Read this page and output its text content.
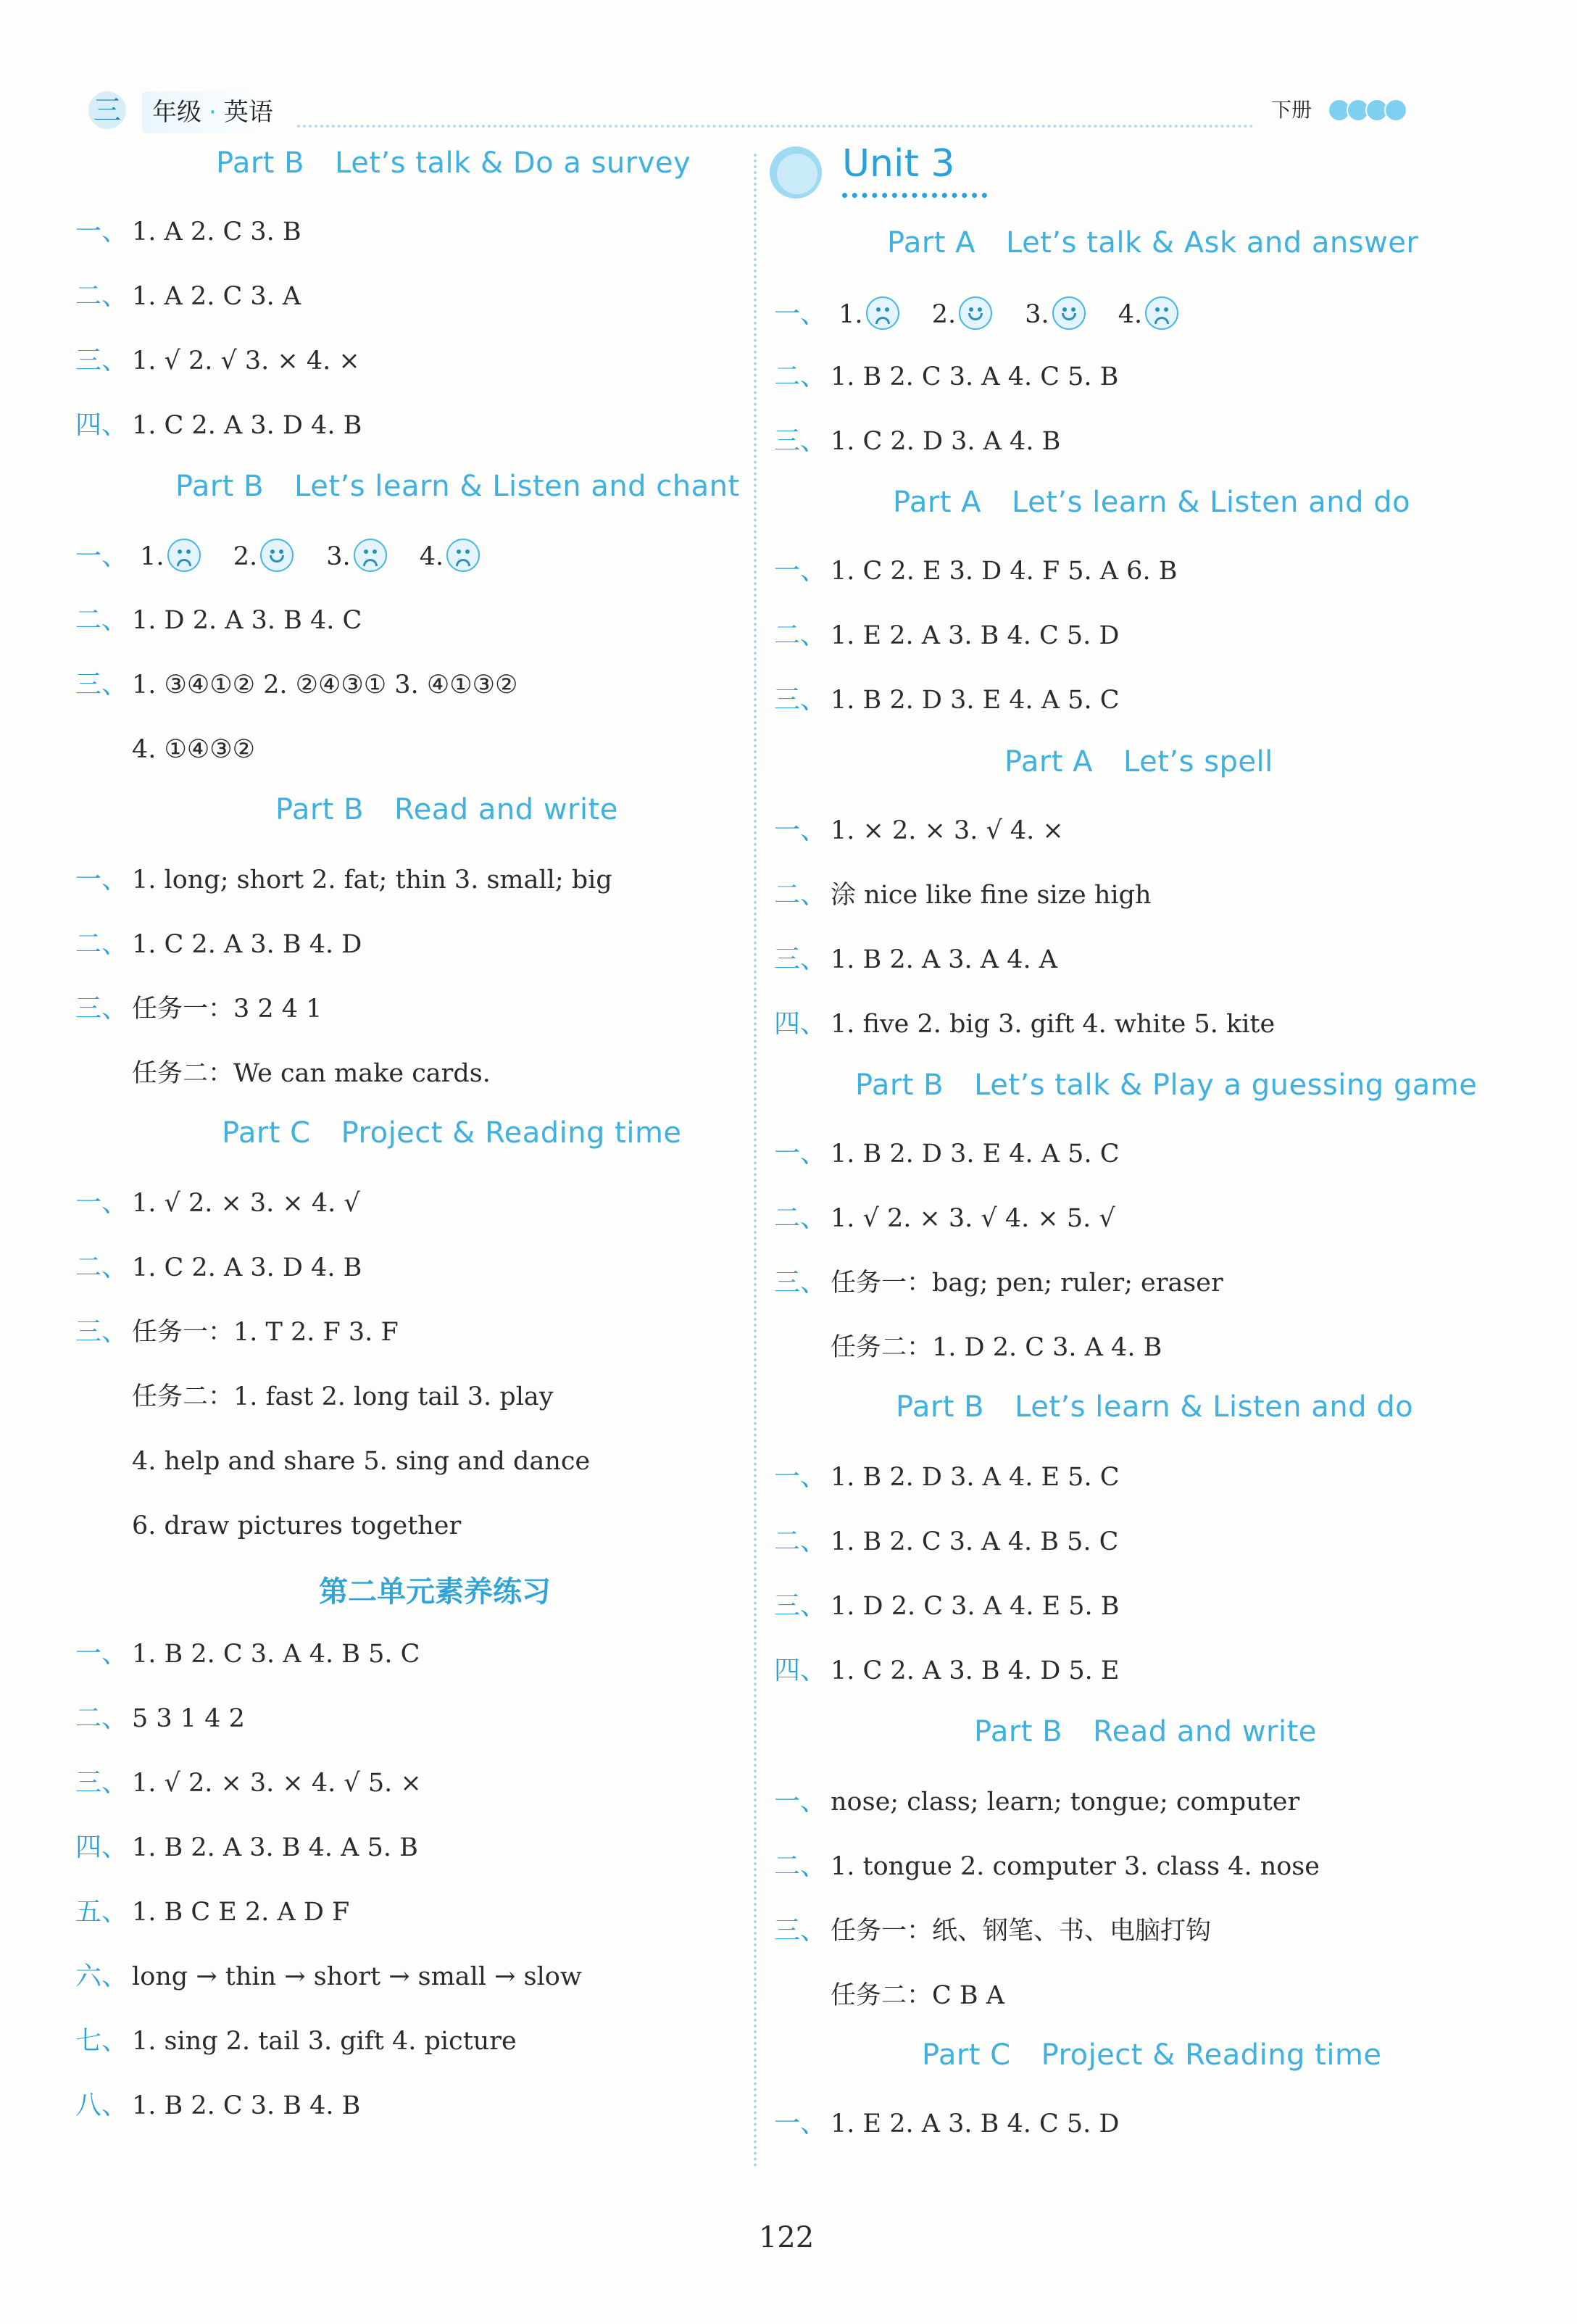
三	年级 · 英语	下册
Part B Let’s talk & Do a survey
一、 1. A 2. C 3. B
二、 1. A 2. C 3. A
三、 1. √ 2. √ 3. × 4. ×
四、 1. C 2. A 3. D 4. B
Part B Let’s learn & Listen and chant
一、 1.	2.	3.	4.
二、 1. D 2. A 3. B 4. C
三、 1. ③④①② 2. ②④③① 3. ④①③②
4. ①④③②
Part B Read and write
一、 1. long; short 2. fat; thin 3. small; big
二、 1. C 2. A 3. B 4. D
三、 任务一：3 2 4 1
任务二：We can make cards.
Part C Project & Reading time
一、 1. √ 2. × 3. × 4. √
二、 1. C 2. A 3. D 4. B
三、 任务一：1. T 2. F 3. F
任务二：1. fast 2. long tail 3. play
4. help and share 5. sing and dance
6. draw pictures together
第二单元素养练习
一、 1. B 2. C 3. A 4. B 5. C
二、 5 3 1 4 2
三、 1. √ 2. × 3. × 4. √ 5. ×
四、 1. B 2. A 3. B 4. A 5. B
五、 1. B C E 2. A D F
六、 long → thin → short → small → slow
七、 1. sing 2. tail 3. gift 4. picture
八、 1. B 2. C 3. B 4. B
Unit 3
Part A Let’s talk & Ask and answer
一、 1.	2.	3.	4.
二、 1. B 2. C 3. A 4. C 5. B
三、 1. C 2. D 3. A 4. B
Part A Let’s learn & Listen and do
一、 1. C 2. E 3. D 4. F 5. A 6. B
二、 1. E 2. A 3. B 4. C 5. D
三、 1. B 2. D 3. E 4. A 5. C
Part A Let’s spell
一、 1. × 2. × 3. √ 4. ×
二、 涂 nice like fine size high
三、 1. B 2. A 3. A 4. A
四、 1. five 2. big 3. gift 4. white 5. kite
Part B Let’s talk & Play a guessing game
一、 1. B 2. D 3. E 4. A 5. C
二、 1. √ 2. × 3. √ 4. × 5. √
三、 任务一：bag; pen; ruler; eraser
任务二：1. D 2. C 3. A 4. B
Part B Let’s learn & Listen and do
一、 1. B 2. D 3. A 4. E 5. C
二、 1. B 2. C 3. A 4. B 5. C
三、 1. D 2. C 3. A 4. E 5. B
四、 1. C 2. A 3. B 4. D 5. E
Part B Read and write
一、 nose; class; learn; tongue; computer
二、 1. tongue 2. computer 3. class 4. nose
三、 任务一：纸、钢笔、书、电脑打钩
任务二：C B A
Part C Project & Reading time
一、 1. E 2. A 3. B 4. C 5. D
122
